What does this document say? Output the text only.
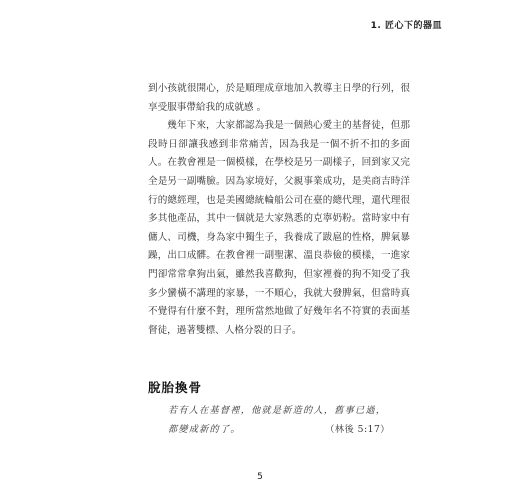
1. 匠心下的器皿

到小孩就很開心，於是順理成章地加入教導主日學的行列，很享受服事帶給我的成就感 。

幾年下來，大家都認為我是一個熱心愛主的基督徒，但那段時日卻讓我感到非常痛苦，因為我是一個不折不扣的多面人。在教會裡是一個模樣，在學校是另一副樣子，回到家又完全是另一副嘴臉。因為家境好，父親事業成功，是美商吉時洋行的總經理，也是美國總統輪船公司在臺的總代理，還代理很多其他產品，其中一個就是大家熟悉的克寧奶粉。當時家中有傭人、司機，身為家中獨生子，我養成了跋扈的性格，脾氣暴躁，出口成髒。在教會裡一副聖潔、溫良恭儉的模樣，一進家門卻常常拿狗出氣，雖然我喜歡狗，但家裡養的狗不知受了我多少蠻橫不講理的家暴，一不順心，我就大發脾氣，但當時真不覺得有什麼不對，理所當然地做了好幾年名不符實的表面基督徒，過著雙標、人格分裂的日子。

脫胎換骨
若有人在基督裡，他就是新造的人，舊事已過，
都變成新的了。	（林後 5:17）
5
